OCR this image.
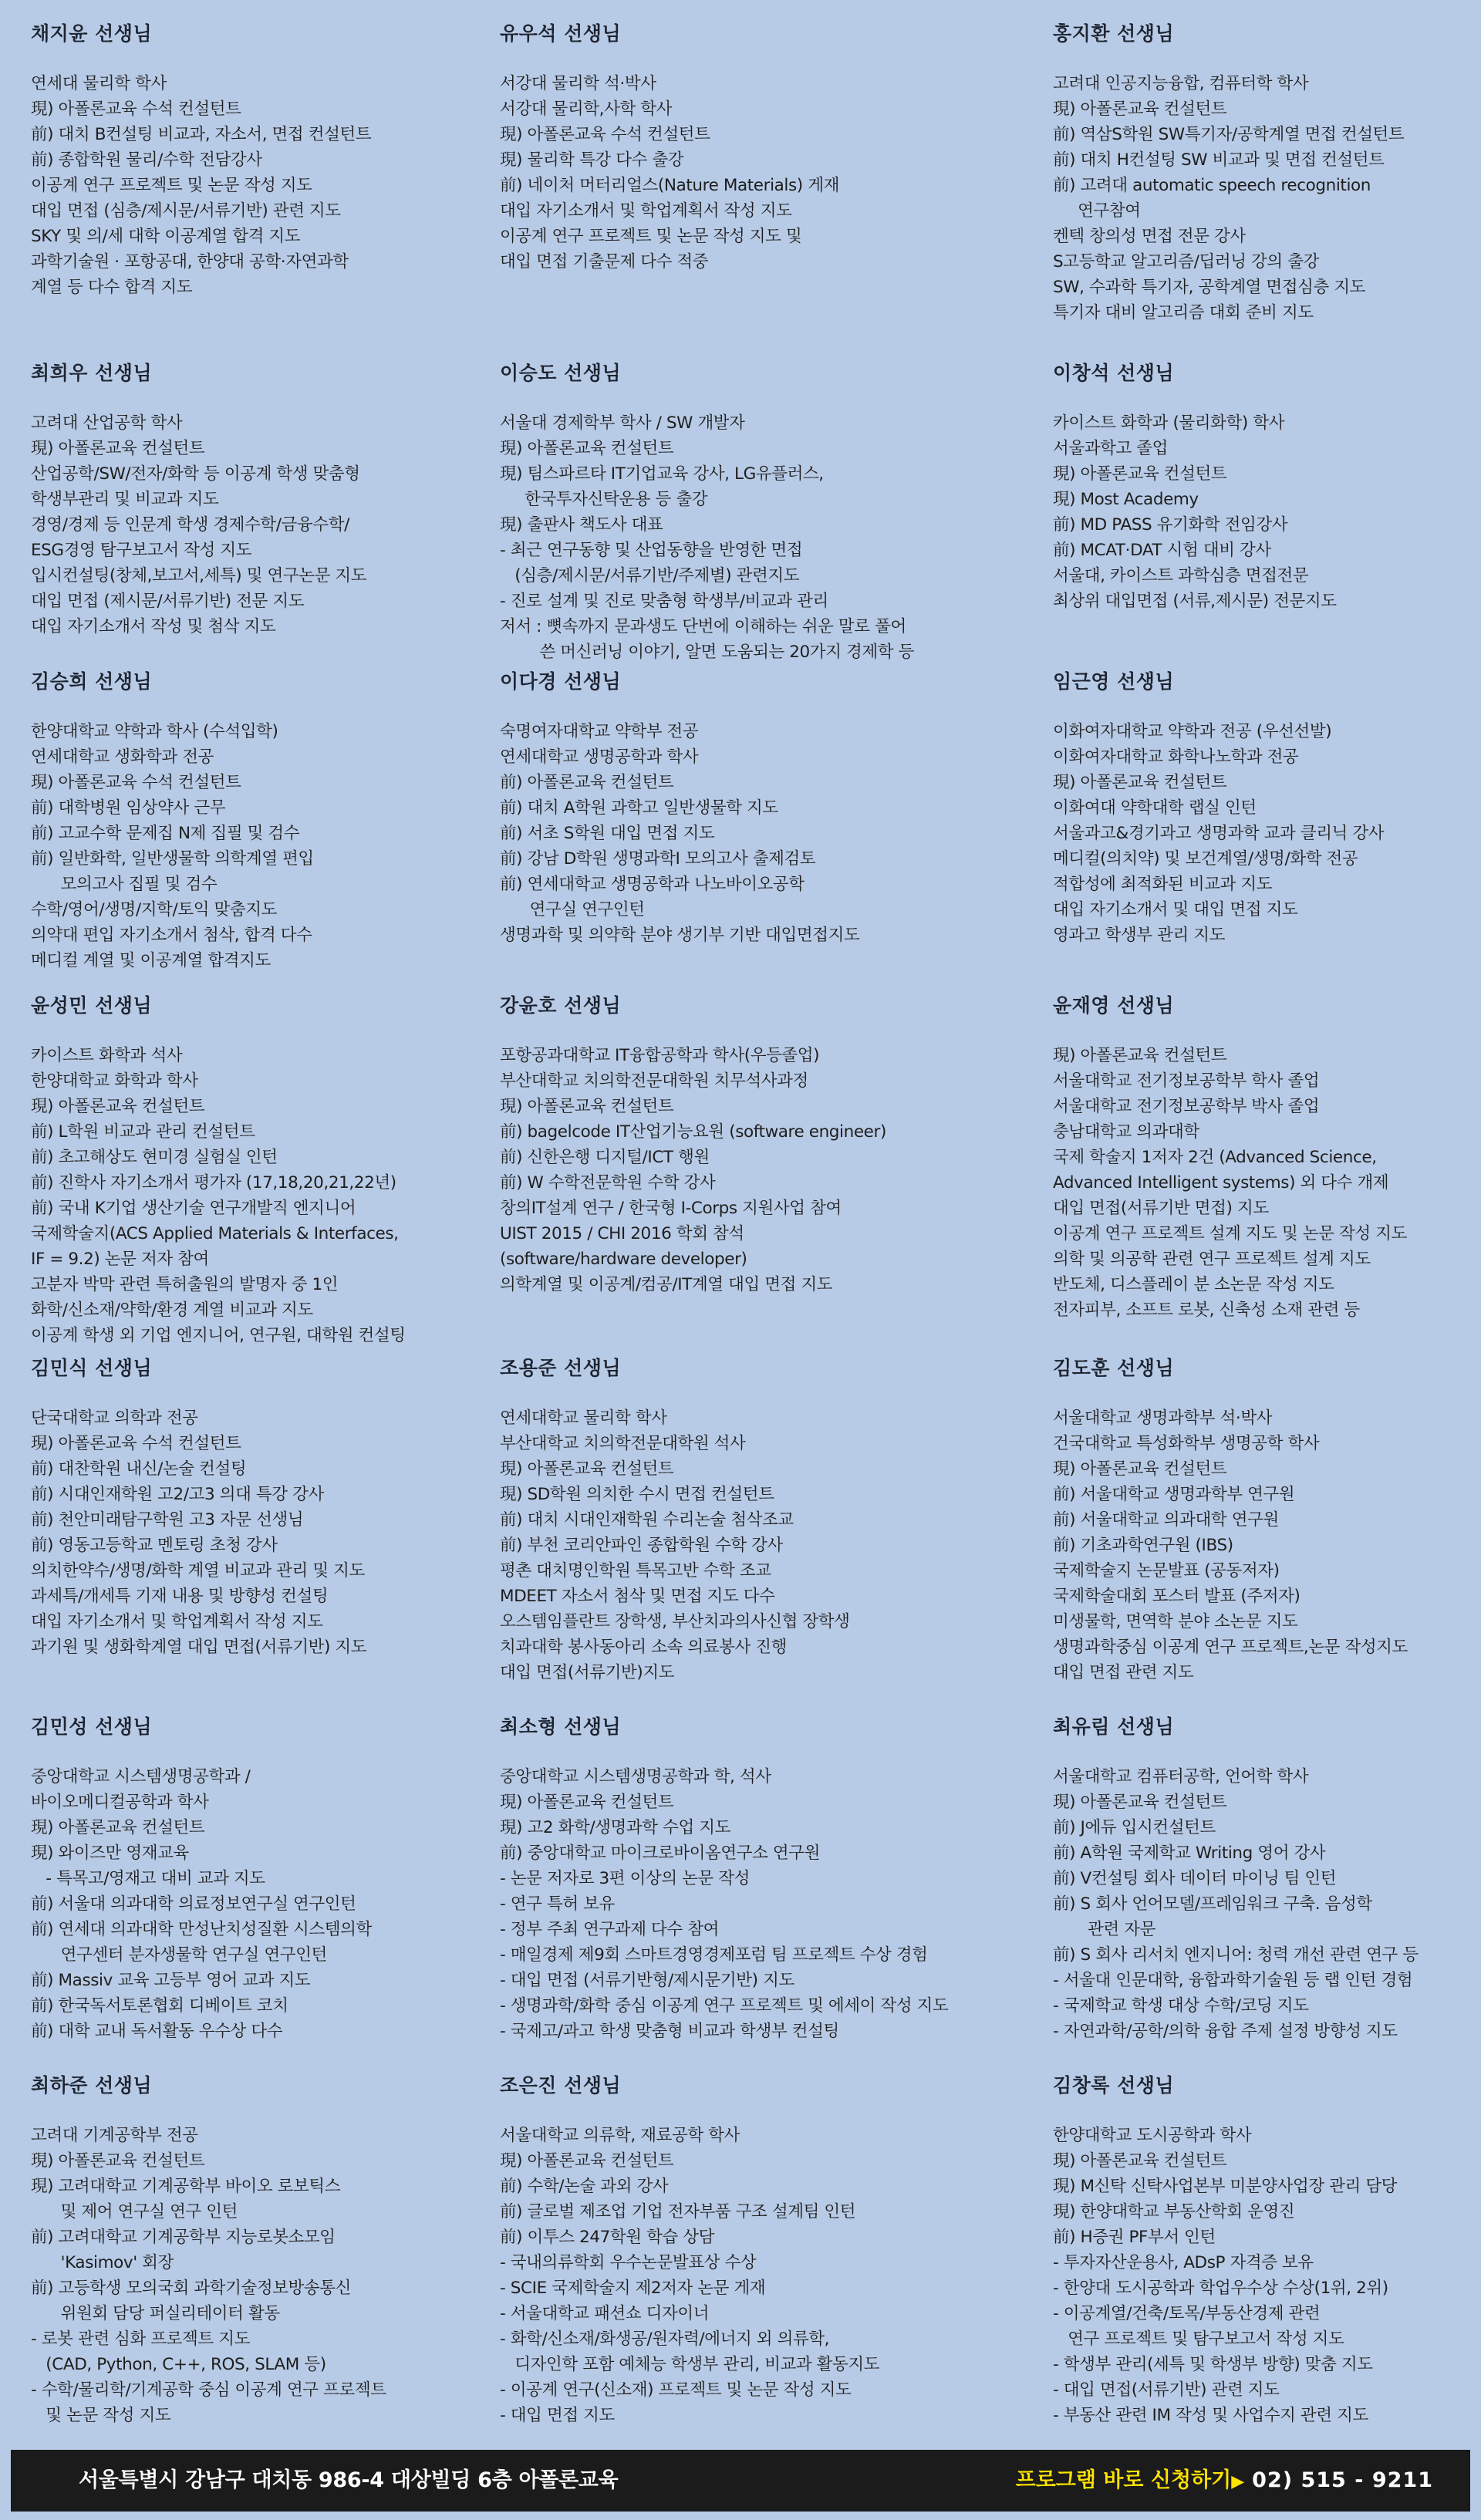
채지윤 선생님
연세대 물리학 학사
現) 아폴론교육 수석 컨설턴트
前) 대치 B컨설팅 비교과, 자소서, 면접 컨설턴트
前) 종합학원 물리/수학 전담강사
이공계 연구 프로젝트 및 논문 작성 지도
대입 면접 (심층/제시문/서류기반) 관련 지도
SKY 및 의/세 대학 이공계열 합격 지도
과학기술원 · 포항공대, 한양대 공학·자연과학
계열 등 다수 합격 지도
유우석 선생님
서강대 물리학 석·박사
서강대 물리학,사학 학사
現) 아폴론교육 수석 컨설턴트
現) 물리학 특강 다수 출강
前) 네이처 머터리얼스(Nature Materials) 게재
대입 자기소개서 및 학업계획서 작성 지도
이공계 연구 프로젝트 및 논문 작성 지도 및
대입 면접 기출문제 다수 적중
홍지환 선생님
고려대 인공지능융합, 컴퓨터학 학사
現) 아폴론교육 컨설턴트
前) 역삼S학원 SW특기자/공학계열 면접 컨설턴트
前) 대치 H컨설팅 SW 비교과 및 면접 컨설턴트
前) 고려대 automatic speech recognition
연구참여
켄텍 창의성 면접 전문 강사
S고등학교 알고리즘/딥러닝 강의 출강
SW, 수과학 특기자, 공학계열 면접심층 지도
특기자 대비 알고리즘 대회 준비 지도
최희우 선생님
고려대 산업공학 학사
現) 아폴론교육 컨설턴트
산업공학/SW/전자/화학 등 이공계 학생 맞춤형
학생부관리 및 비교과 지도
경영/경제 등 인문계 학생 경제수학/금융수학/
ESG경영 탐구보고서 작성 지도
입시컨설팅(창체,보고서,세특) 및 연구논문 지도
대입 면접 (제시문/서류기반) 전문 지도
대입 자기소개서 작성 및 첨삭 지도
이승도 선생님
서울대 경제학부 학사 / SW 개발자
現) 아폴론교육 컨설턴트
現) 팀스파르타 IT기업교육 강사, LG유플러스,
한국투자신탁운용 등 출강
現) 출판사 책도사 대표
- 최근 연구동향 및 산업동향을 반영한 면접
(심층/제시문/서류기반/주제별) 관련지도
- 진로 설계 및 진로 맞춤형 학생부/비교과 관리
저서 : 뼛속까지 문과생도 단번에 이해하는 쉬운 말로 풀어
쓴 머신러닝 이야기, 알면 도움되는 20가지 경제학 등
이창석 선생님
카이스트 화학과 (물리화학) 학사
서울과학고 졸업
現) 아폴론교육 컨설턴트
現) Most Academy
前) MD PASS 유기화학 전임강사
前) MCAT·DAT 시험 대비 강사
서울대, 카이스트 과학심층 면접전문
최상위 대입면접 (서류,제시문) 전문지도
김승희 선생님
한양대학교 약학과 학사 (수석입학)
연세대학교 생화학과 전공
現) 아폴론교육 수석 컨설턴트
前) 대학병원 임상약사 근무
前) 고교수학 문제집 N제 집필 및 검수
前) 일반화학, 일반생물학 의학계열 편입
모의고사 집필 및 검수
수학/영어/생명/지학/토익 맞춤지도
의약대 편입 자기소개서 첨삭, 합격 다수
메디컬 계열 및 이공계열 합격지도
이다경 선생님
숙명여자대학교 약학부 전공
연세대학교 생명공학과 학사
前) 아폴론교육 컨설턴트
前) 대치 A학원 과학고 일반생물학 지도
前) 서초 S학원 대입 면접 지도
前) 강남 D학원 생명과학I 모의고사 출제검토
前) 연세대학교 생명공학과 나노바이오공학
연구실 연구인턴
생명과학 및 의약학 분야 생기부 기반 대입면접지도
임근영 선생님
이화여자대학교 약학과 전공 (우선선발)
이화여자대학교 화학나노학과 전공
現) 아폴론교육 컨설턴트
이화여대 약학대학 랩실 인턴
서울과고&경기과고 생명과학 교과 클리닉 강사
메디컬(의치약) 및 보건계열/생명/화학 전공
적합성에 최적화된 비교과 지도
대입 자기소개서 및 대입 면접 지도
영과고 학생부 관리 지도
윤성민 선생님
카이스트 화학과 석사
한양대학교 화학과 학사
現) 아폴론교육 컨설턴트
前) L학원 비교과 관리 컨설턴트
前) 초고해상도 현미경 실험실 인턴
前) 진학사 자기소개서 평가자 (17,18,20,21,22년)
前) 국내 K기업 생산기술 연구개발직 엔지니어
국제학술지(ACS Applied Materials & Interfaces,
IF = 9.2) 논문 저자 참여
고분자 박막 관련 특허출원의 발명자 중 1인
화학/신소재/약학/환경 계열 비교과 지도
이공계 학생 외 기업 엔지니어, 연구원, 대학원 컨설팅
강윤호 선생님
포항공과대학교 IT융합공학과 학사(우등졸업)
부산대학교 치의학전문대학원 치무석사과정
現) 아폴론교육 컨설턴트
前) bagelcode IT산업기능요원 (software engineer)
前) 신한은행 디지털/ICT 행원
前) W 수학전문학원 수학 강사
창의IT설계 연구 / 한국형 I-Corps 지원사업 참여
UIST 2015 / CHI 2016 학회 참석
(software/hardware developer)
의학계열 및 이공계/컴공/IT계열 대입 면접 지도
윤재영 선생님
現) 아폴론교육 컨설턴트
서울대학교 전기정보공학부 학사 졸업
서울대학교 전기정보공학부 박사 졸업
충남대학교 의과대학
국제 학술지 1저자 2건 (Advanced Science,
Advanced Intelligent systems) 외 다수 개제
대입 면접(서류기반 면접) 지도
이공계 연구 프로젝트 설계 지도 및 논문 작성 지도
의학 및 의공학 관련 연구 프로젝트 설계 지도
반도체, 디스플레이 분 소논문 작성 지도
전자피부, 소프트 로봇, 신축성 소재 관련 등
김민식 선생님
단국대학교 의학과 전공
現) 아폴론교육 수석 컨설턴트
前) 대찬학원 내신/논술 컨설팅
前) 시대인재학원 고2/고3 의대 특강 강사
前) 천안미래탐구학원 고3 자문 선생님
前) 영동고등학교 멘토링 초청 강사
의치한약수/생명/화학 계열 비교과 관리 및 지도
과세특/개세특 기재 내용 및 방향성 컨설팅
대입 자기소개서 및 학업계획서 작성 지도
과기원 및 생화학계열 대입 면접(서류기반) 지도
조용준 선생님
연세대학교 물리학 학사
부산대학교 치의학전문대학원 석사
現) 아폴론교육 컨설턴트
現) SD학원 의치한 수시 면접 컨설턴트
前) 대치 시대인재학원 수리논술 첨삭조교
前) 부천 코리안파인 종합학원 수학 강사
평촌 대치명인학원 특목고반 수학 조교
MDEET 자소서 첨삭 및 면접 지도 다수
오스템임플란트 장학생, 부산치과의사신협 장학생
치과대학 봉사동아리 소속 의료봉사 진행
대입 면접(서류기반)지도
김도훈 선생님
서울대학교 생명과학부 석·박사
건국대학교 특성화학부 생명공학 학사
現) 아폴론교육 컨설턴트
前) 서울대학교 생명과학부 연구원
前) 서울대학교 의과대학 연구원
前) 기초과학연구원 (IBS)
국제학술지 논문발표 (공동저자)
국제학술대회 포스터 발표 (주저자)
미생물학, 면역학 분야 소논문 지도
생명과학중심 이공계 연구 프로젝트,논문 작성지도
대입 면접 관련 지도
김민성 선생님
중앙대학교 시스템생명공학과 /
바이오메디컬공학과 학사
現) 아폴론교육 컨설턴트
現) 와이즈만 영재교육
- 특목고/영재고 대비 교과 지도
前) 서울대 의과대학 의료정보연구실 연구인턴
前) 연세대 의과대학 만성난치성질환 시스템의학
연구센터 분자생물학 연구실 연구인턴
前) Massiv 교육 고등부 영어 교과 지도
前) 한국독서토론협회 디베이트 코치
前) 대학 교내 독서활동 우수상 다수
최소형 선생님
중앙대학교 시스템생명공학과 학, 석사
現) 아폴론교육 컨설턴트
現) 고2 화학/생명과학 수업 지도
前) 중앙대학교 마이크로바이옴연구소 연구원
- 논문 저자로 3편 이상의 논문 작성
- 연구 특허 보유
- 정부 주최 연구과제 다수 참여
- 매일경제 제9회 스마트경영경제포럼 팀 프로젝트 수상 경험
- 대입 면접 (서류기반형/제시문기반) 지도
- 생명과학/화학 중심 이공계 연구 프로젝트 및 에세이 작성 지도
- 국제고/과고 학생 맞춤형 비교과 학생부 컨설팅
최유림 선생님
서울대학교 컴퓨터공학, 언어학 학사
現) 아폴론교육 컨설턴트
前) J에듀 입시컨설턴트
前) A학원 국제학교 Writing 영어 강사
前) V컨설팅 회사 데이터 마이닝 팀 인턴
前) S 회사 언어모델/프레임워크 구축. 음성학
관련 자문
前) S 회사 리서치 엔지니어: 청력 개선 관련 연구 등
- 서울대 인문대학, 융합과학기술원 등 랩 인턴 경험
- 국제학교 학생 대상 수학/코딩 지도
- 자연과학/공학/의학 융합 주제 설정 방향성 지도
최하준 선생님
고려대 기계공학부 전공
現) 아폴론교육 컨설턴트
現) 고려대학교 기계공학부 바이오 로보틱스
및 제어 연구실 연구 인턴
前) 고려대학교 기계공학부 지능로봇소모임
'Kasimov' 회장
前) 고등학생 모의국회 과학기술정보방송통신
위원회 담당 퍼실리테이터 활동
- 로봇 관련 심화 프로젝트 지도
(CAD, Python, C++, ROS, SLAM 등)
- 수학/물리학/기계공학 중심 이공계 연구 프로젝트
및 논문 작성 지도
조은진 선생님
서울대학교 의류학, 재료공학 학사
現) 아폴론교육 컨설턴트
前) 수학/논술 과외 강사
前) 글로벌 제조업 기업 전자부품 구조 설계팀 인턴
前) 이투스 247학원 학습 상담
- 국내의류학회 우수논문발표상 수상
- SCIE 국제학술지 제2저자 논문 게재
- 서울대학교 패션쇼 디자이너
- 화학/신소재/화생공/원자력/에너지 외 의류학,
디자인학 포함 예체능 학생부 관리, 비교과 활동지도
- 이공계 연구(신소재) 프로젝트 및 논문 작성 지도
- 대입 면접 지도
김창록 선생님
한양대학교 도시공학과 학사
現) 아폴론교육 컨설턴트
現) M신탁 신탁사업본부 미분양사업장 관리 담당
現) 한양대학교 부동산학회 운영진
前) H증권 PF부서 인턴
- 투자자산운용사, ADsP 자격증 보유
- 한양대 도시공학과 학업우수상 수상(1위, 2위)
- 이공계열/건축/토목/부동산경제 관련
연구 프로젝트 및 탐구보고서 작성 지도
- 학생부 관리(세특 및 학생부 방향) 맞춤 지도
- 대입 면접(서류기반) 관련 지도
- 부동산 관련 IM 작성 및 사업수지 관련 지도
서울특별시 강남구 대치동 986-4 대상빌딩 6층 아폴론교육	프로그램 바로 신청하기▶ 02) 515 - 9211
